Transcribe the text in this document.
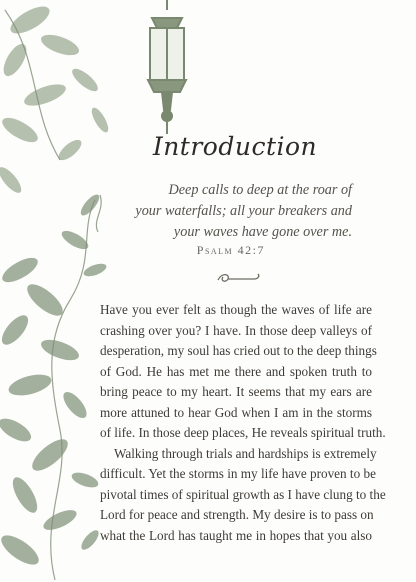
Introduction
Deep calls to deep at the roar of
your waterfalls; all your breakers and
your waves have gone over me.
Psalm 42:7
Have you ever felt as though the waves of life are
crashing over you? I have. In those deep valleys of
desperation, my soul has cried out to the deep things
of God. He has met me there and spoken truth to
bring peace to my heart. It seems that my ears are
more attuned to hear God when I am in the storms
of life. In those deep places, He reveals spiritual truth.
Walking through trials and hardships is extremely
difficult. Yet the storms in my life have proven to be
pivotal times of spiritual growth as I have clung to the
Lord for peace and strength. My desire is to pass on
what the Lord has taught me in hopes that you also
